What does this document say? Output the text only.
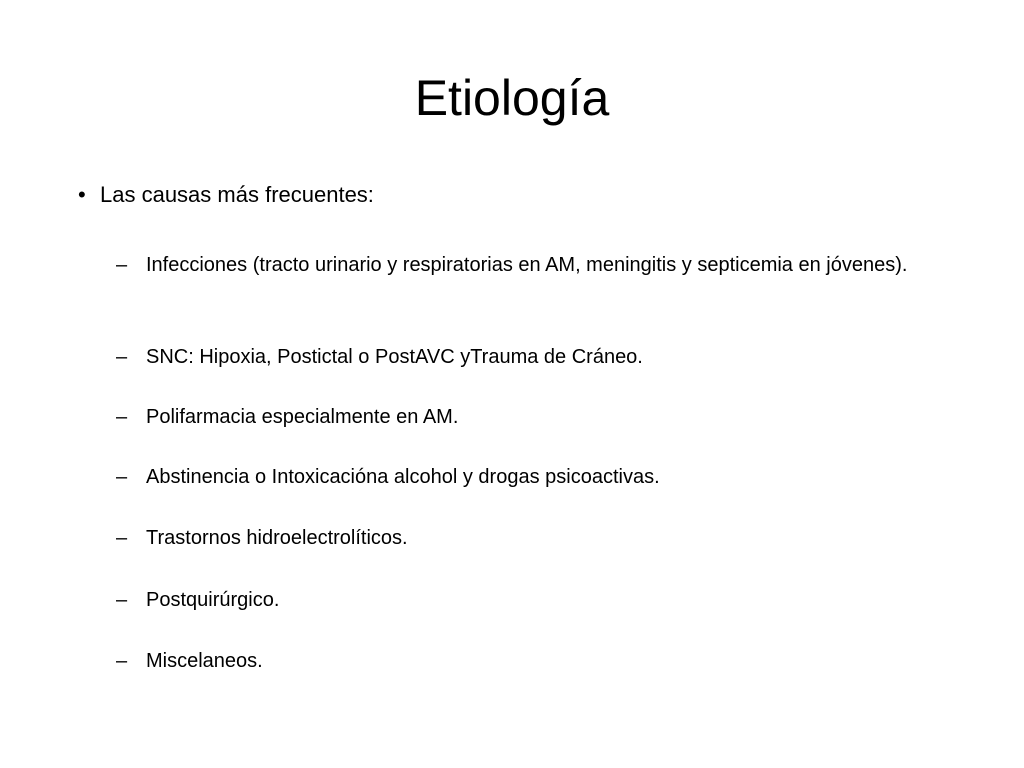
Etiología
• Las causas más frecuentes:
– Infecciones (tracto urinario y respiratorias en AM, meningitis y septicemia en jóvenes).
– SNC: Hipoxia, Postictal o PostAVC yTrauma de Cráneo.
– Polifarmacia especialmente en AM.
– Abstinencia o Intoxicacióna alcohol y drogas psicoactivas.
– Trastornos hidroelectrolíticos.
– Postquirúrgico.
– Miscelaneos.
